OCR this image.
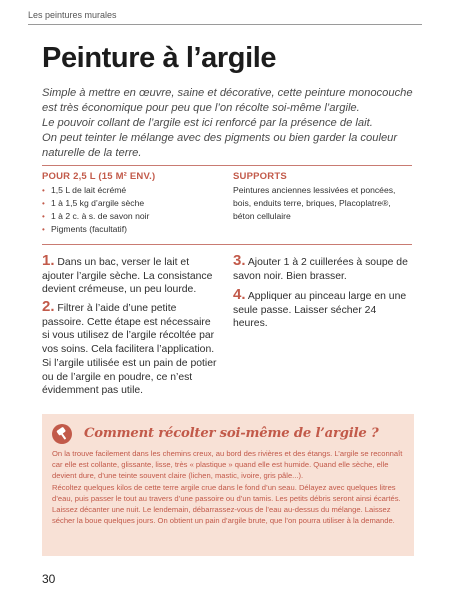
Les peintures murales
Peinture à l’argile

Simple à mettre en œuvre, saine et décorative, cette peinture monocouche
est très économique pour peu que l’on récolte soi-même l’argile.
Le pouvoir collant de l’argile est ici renforcé par la présence de lait.
On peut teinter le mélange avec des pigments ou bien garder la couleur
naturelle de la terre.

POUR 2,5 L (15 M² ENV.)
• 1,5 L de lait écrémé
• 1 à 1,5 kg d’argile sèche
• 1 à 2 c. à s. de savon noir
• Pigments (facultatif)
SUPPORTS

Peintures anciennes lessivées et poncées, bois, enduits terre, briques, Placoplatre®, béton cellulaire

1. Dans un bac, verser le lait et ajouter l’argile sèche. La consistance devient crémeuse, un peu lourde.

2. Filtrer à l’aide d’une petite passoire. Cette étape est nécessaire si vous utilisez de l’argile récoltée par vos soins. Cela facilitera l’application. Si l’argile utilisée est un pain de potier ou de l’argile en poudre, ce n’est évidemment pas utile.

3. Ajouter 1 à 2 cuillerées à soupe de savon noir. Bien brasser.

4. Appliquer au pinceau large en une seule passe. Laisser sécher 24 heures.

Comment récolter soi-même de l’argile ?

On la trouve facilement dans les chemins creux, au bord des rivières et des étangs. L’argile se reconnaît car elle est collante, glissante, lisse, très « plastique » quand elle est humide. Quand elle sèche, elle devient dure, d’une teinte souvent claire (lichen, mastic, ivoire, gris pâle...).
Récoltez quelques kilos de cette terre argile crue dans le fond d’un seau. Délayez avec quelques litres d’eau, puis passer le tout au travers d’une passoire ou d’un tamis. Les petits débris seront ainsi écartés. Laissez décanter une nuit. Le lendemain, débarrassez-vous de l’eau au-dessus du mélange. Laissez sécher la boue quelques jours. On obtient un pain d’argile brute, que l’on pourra utiliser à la demande.

30
